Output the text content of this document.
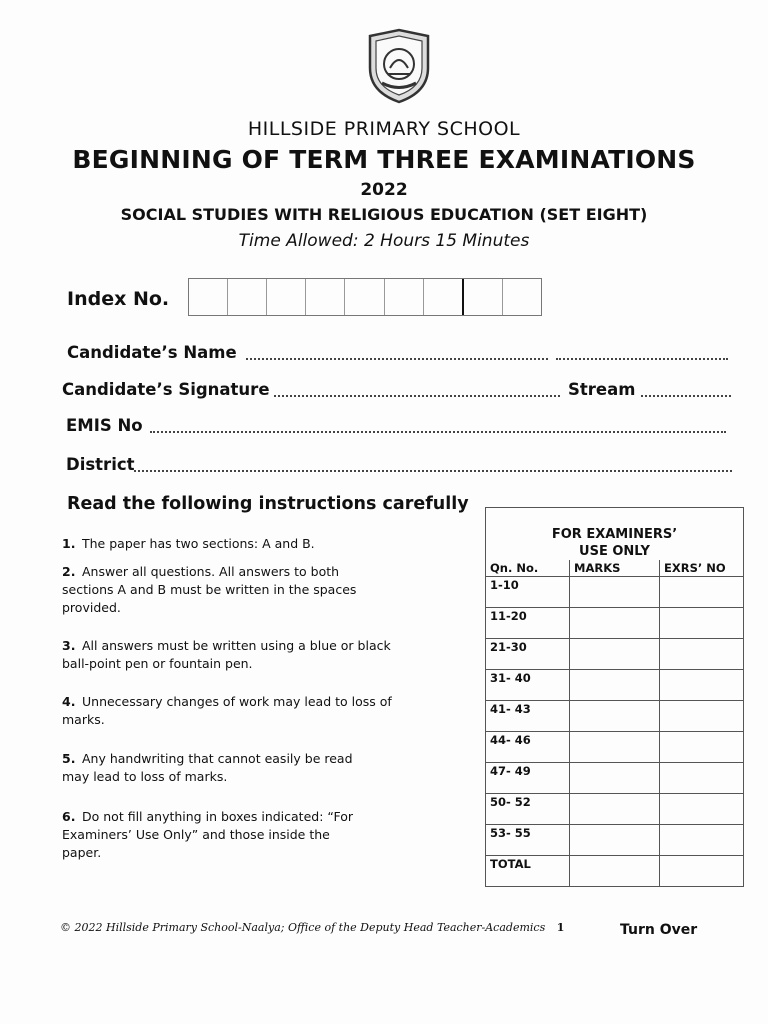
HILLSIDE PRIMARY SCHOOL
BEGINNING OF TERM THREE EXAMINATIONS
2022
SOCIAL STUDIES WITH RELIGIOUS EDUCATION (SET EIGHT)
Time Allowed: 2 Hours 15 Minutes
Index No.
Candidate’s Name
Candidate’s Signature	Stream
EMIS No
District
Read the following instructions carefully
1. The paper has two sections: A and B.
2. Answer all questions. All answers to both sections A and B must be written in the spaces provided.
3. All answers must be written using a blue or black ball-point pen or fountain pen.
4. Unnecessary changes of work may lead to loss of marks.
5. Any handwriting that cannot easily be read may lead to loss of marks.
6. Do not fill anything in boxes indicated: “For Examiners’ Use Only” and those inside the paper.
FOR EXAMINERS’
USE ONLY		

Qn. No.	MARKS	EXRS’ NO
1-10		
11-20		
21-30		
31- 40		
41- 43		
44- 46		
47- 49		
50- 52		
53- 55		
TOTAL		
© 2022 Hillside Primary School-Naalya; Office of the Deputy Head Teacher-Academics 1	Turn Over
